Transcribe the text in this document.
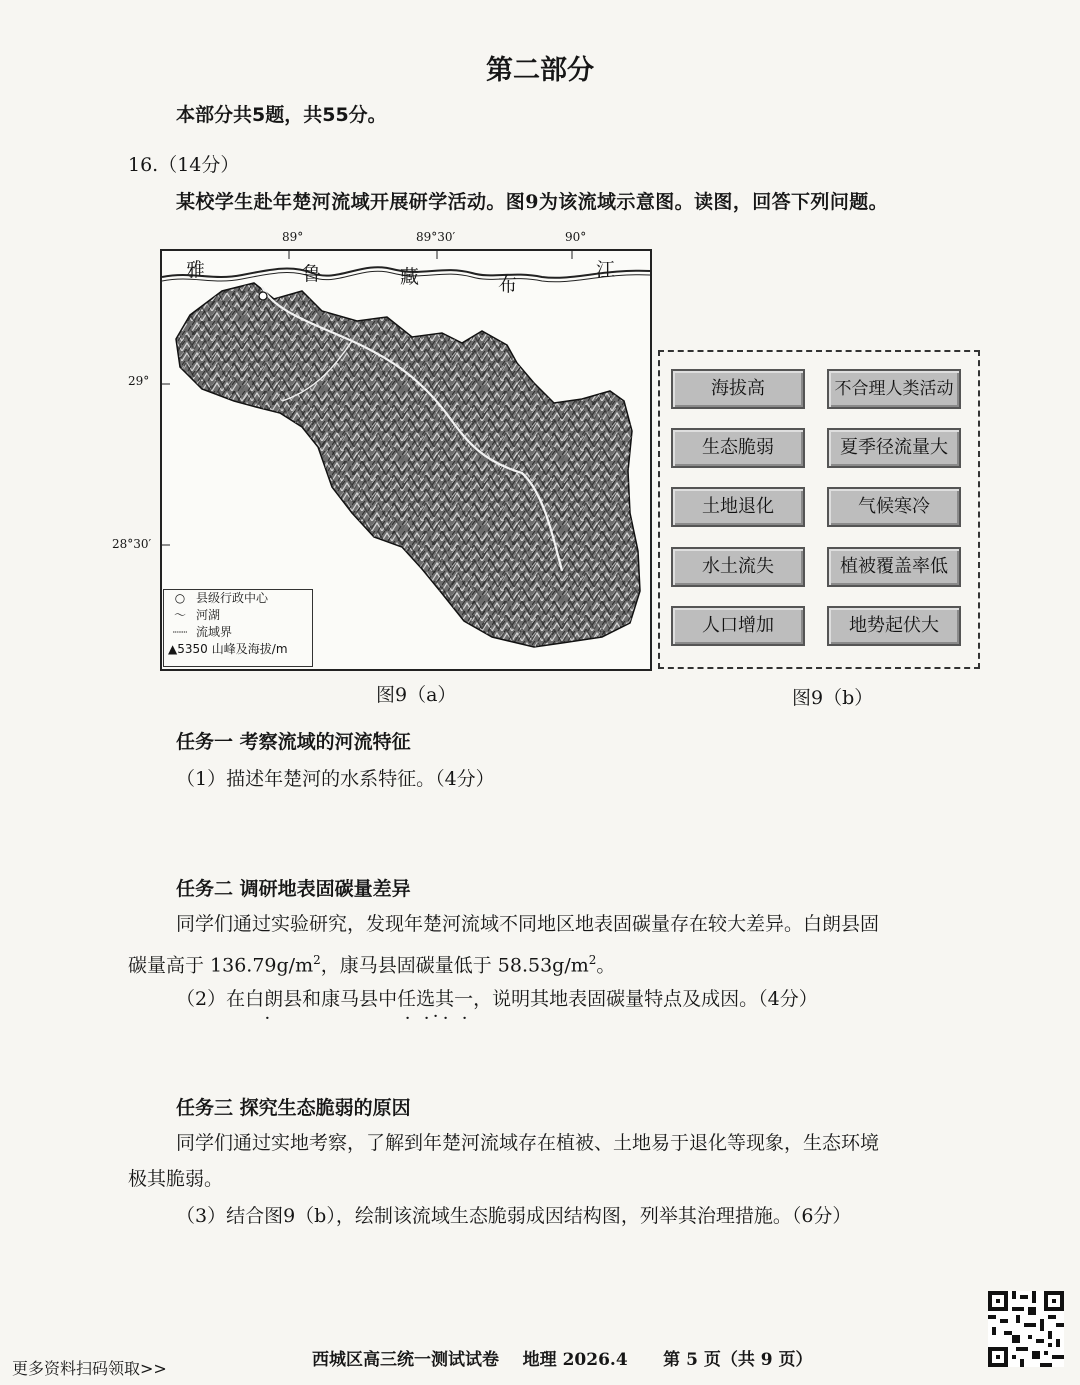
第二部分
本部分共5题，共55分。
16.（14分）
某校学生赴年楚河流域开展研学活动。图9为该流域示意图。读图，回答下列问题。
89°	89°30′	90°
29°
28°30′
雅	鲁	藏	布
江
○ 县级行政中心
〜 河湖
┈┈ 流域界
▲5350 山峰及海拔/m
图9（a）
海拔高	不合理人类活动
生态脆弱	夏季径流量大
土地退化	气候寒冷
水土流失	植被覆盖率低
人口增加	地势起伏大
图9（b）
任务一 考察流域的河流特征
（1）描述年楚河的水系特征。（4分）
任务二 调研地表固碳量差异
同学们通过实验研究，发现年楚河流域不同地区地表固碳量存在较大差异。白朗县固
碳量高于 $136.79g/m^2$，康马县固碳量低于 $58.53g/m^2$。
（2）在白朗县和康马县中 ·任选其一，说明其地表固碳量特点及成因。（4分） ·
任务三 探究生态脆弱的原因
同学们通过实地考察，了解到年楚河流域存在植被、土地易于退化等现象，生态环境
极其脆弱。
（3）结合图9（b），绘制该流域生态脆弱成因结构图，列举其治理措施。（6分）
西城区高三统一测试试卷    地理 2026.4      第 5 页（共 9 页）
更多资料扫码领取>>
